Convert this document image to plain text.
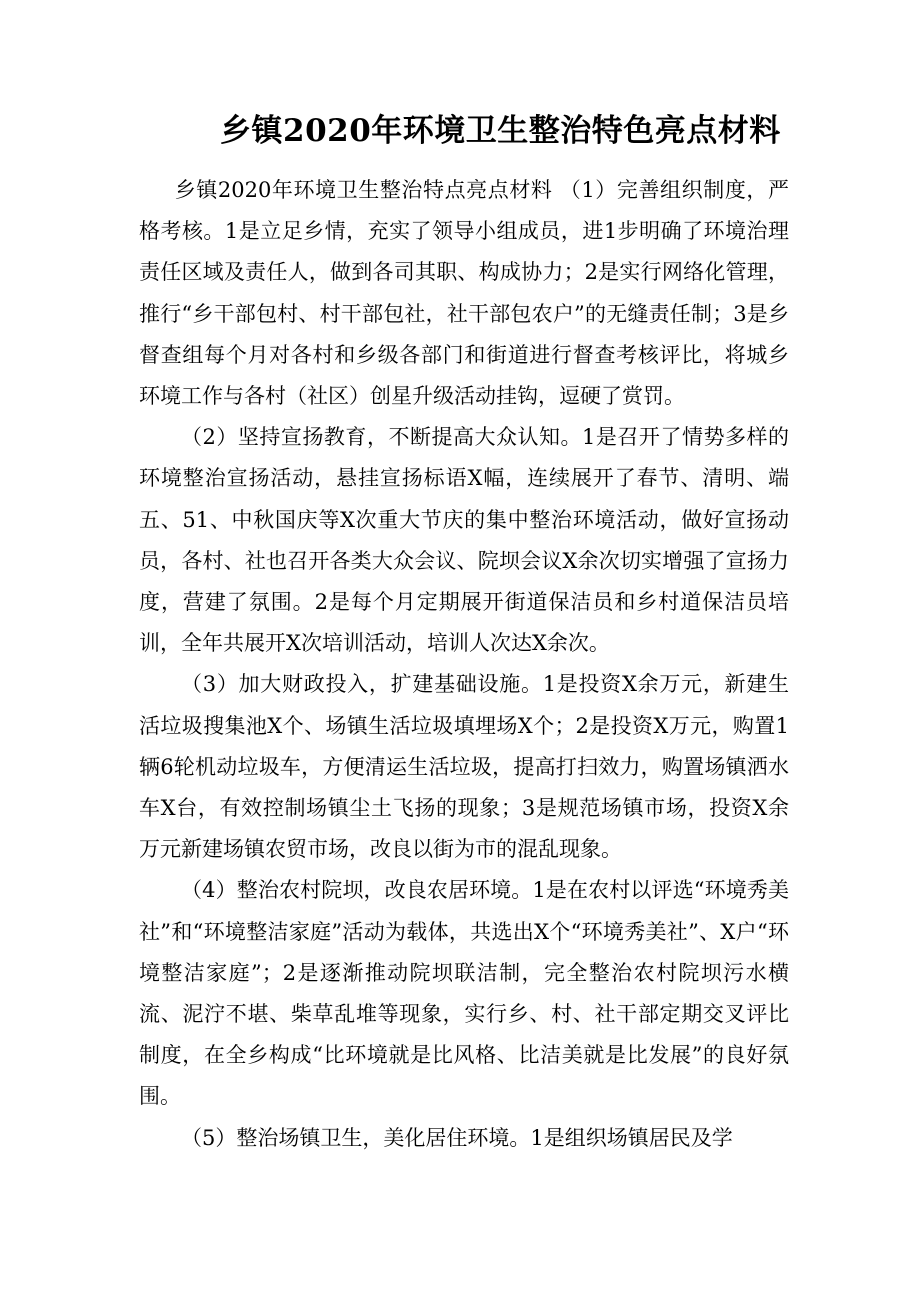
乡镇2020年环境卫生整治特色亮点材料

乡镇2020年环境卫生整治特点亮点材料 （1）完善组织制度，严格考核。1是立足乡情，充实了领导小组成员，进1步明确了环境治理责任区域及责任人，做到各司其职、构成协力；2是实行网络化管理，推行“乡干部包村、村干部包社，社干部包农户”的无缝责任制；3是乡督查组每个月对各村和乡级各部门和街道进行督查考核评比，将城乡环境工作与各村（社区）创星升级活动挂钩，逗硬了赏罚。

（2）坚持宣扬教育，不断提高大众认知。1是召开了情势多样的环境整治宣扬活动，悬挂宣扬标语X幅，连续展开了春节、清明、端五、51、中秋国庆等X次重大节庆的集中整治环境活动，做好宣扬动员，各村、社也召开各类大众会议、院坝会议X余次切实增强了宣扬力度，营建了氛围。2是每个月定期展开街道保洁员和乡村道保洁员培训，全年共展开X次培训活动，培训人次达X余次。

（3）加大财政投入，扩建基础设施。1是投资X余万元，新建生活垃圾搜集池X个、场镇生活垃圾填埋场X个；2是投资X万元，购置1辆6轮机动垃圾车，方便清运生活垃圾，提高打扫效力，购置场镇洒水车X台，有效控制场镇尘土飞扬的现象；3是规范场镇市场，投资X余万元新建场镇农贸市场，改良以街为市的混乱现象。

（4）整治农村院坝，改良农居环境。1是在农村以评选“环境秀美社”和“环境整洁家庭”活动为载体，共选出X个“环境秀美社”、X户“环境整洁家庭”；2是逐渐推动院坝联洁制，完全整治农村院坝污水横流、泥泞不堪、柴草乱堆等现象，实行乡、村、社干部定期交叉评比制度，在全乡构成“比环境就是比风格、比洁美就是比发展”的良好氛围。

（5）整治场镇卫生，美化居住环境。1是组织场镇居民及学
